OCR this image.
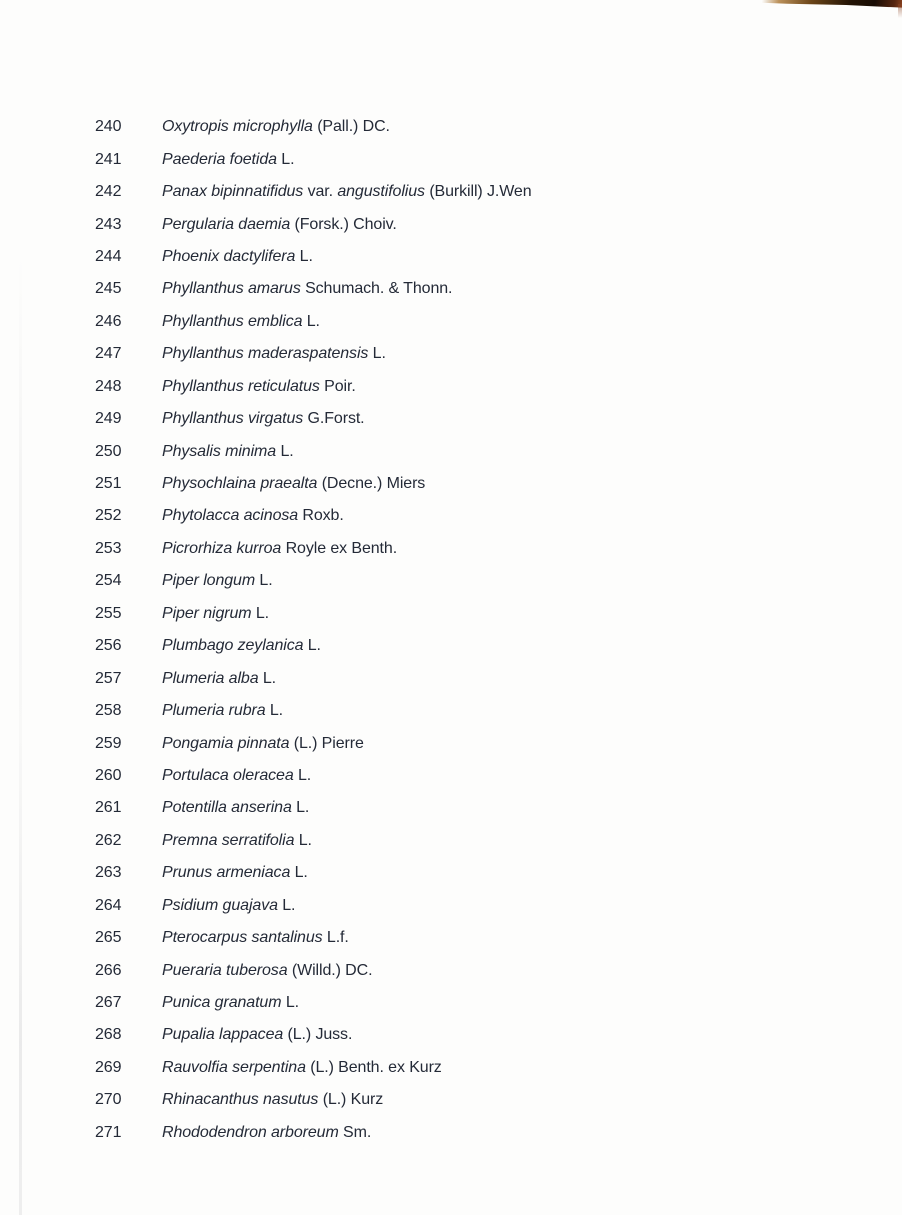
240	Oxytropis microphylla (Pall.) DC.
241	Paederia foetida L.
242	Panax bipinnatifidus var. angustifolius (Burkill) J.Wen
243	Pergularia daemia (Forsk.) Choiv.
244	Phoenix dactylifera L.
245	Phyllanthus amarus Schumach. & Thonn.
246	Phyllanthus emblica L.
247	Phyllanthus maderaspatensis L.
248	Phyllanthus reticulatus Poir.
249	Phyllanthus virgatus G.Forst.
250	Physalis minima L.
251	Physochlaina praealta (Decne.) Miers
252	Phytolacca acinosa Roxb.
253	Picrorhiza kurroa Royle ex Benth.
254	Piper longum L.
255	Piper nigrum L.
256	Plumbago zeylanica L.
257	Plumeria alba L.
258	Plumeria rubra L.
259	Pongamia pinnata (L.) Pierre
260	Portulaca oleracea L.
261	Potentilla anserina L.
262	Premna serratifolia L.
263	Prunus armeniaca L.
264	Psidium guajava L.
265	Pterocarpus santalinus L.f.
266	Pueraria tuberosa (Willd.) DC.
267	Punica granatum L.
268	Pupalia lappacea (L.) Juss.
269	Rauvolfia serpentina (L.) Benth. ex Kurz
270	Rhinacanthus nasutus (L.) Kurz
271	Rhododendron arboreum Sm.
